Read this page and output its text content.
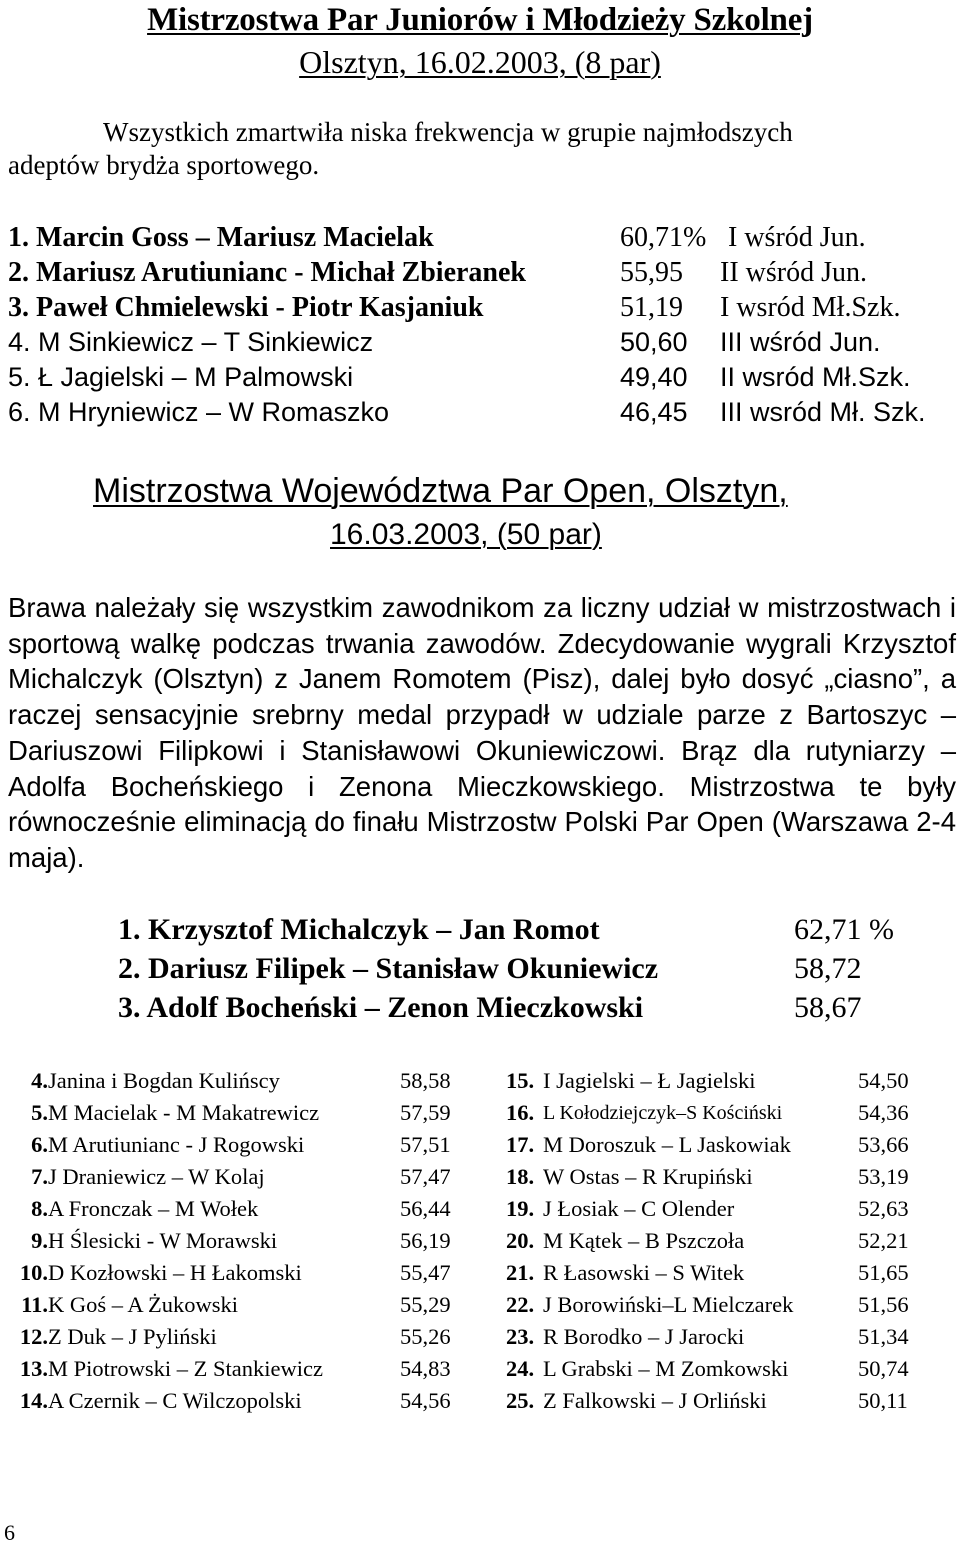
Mistrzostwa Par Juniorów i Młodzieży Szkolnej
Olsztyn, 16.02.2003, (8 par)
Wszystkich zmartwiła niska frekwencja w grupie najmłodszych
adeptów brydża sportowego.
1. Marcin Goss – Mariusz Macielak	60,71% I wśród Jun.
2. Mariusz Arutiunianc - Michał Zbieranek	55,95 II wśród Jun.
3. Paweł Chmielewski - Piotr Kasjaniuk	51,19 I wsród Mł.Szk.
4. M Sinkiewicz – T Sinkiewicz	50,60 III wśród Jun.
5. Ł Jagielski – M Palmowski	49,40 II wsród Mł.Szk.
6. M Hryniewicz – W Romaszko	46,45 III wsród Mł. Szk.
Mistrzostwa Województwa Par Open, Olsztyn,
16.03.2003, (50 par)
Brawa należały się wszystkim zawodnikom za liczny udział w mistrzostwach i sportową walkę podczas trwania zawodów. Zdecydowanie wygrali Krzysztof Michalczyk (Olsztyn) z Janem Romotem (Pisz), dalej było dosyć „ciasno”, a raczej sensacyjnie srebrny medal przypadł w udziale parze z Bartoszyc – Dariuszowi Filipkowi i Stanisławowi Okuniewiczowi. Brąz dla rutyniarzy – Adolfa Bocheńskiego i Zenona Mieczkowskiego. Mistrzostwa te były równocześnie eliminacją do finału Mistrzostw Polski Par Open (Warszawa 2-4 maja).
1. Krzysztof Michalczyk – Jan Romot	62,71 %
2. Dariusz Filipek – Stanisław Okuniewicz	58,72
3. Adolf Bocheński – Zenon Mieczkowski	58,67
4. Janina i Bogdan Kulińscy	58,58
5. M Macielak - M Makatrewicz	57,59
6. M Arutiunianc - J Rogowski	57,51
7. J Draniewicz – W Kolaj	57,47
8. A Fronczak – M Wołek	56,44
9. H Ślesicki - W Morawski	56,19
10. D Kozłowski – H Łakomski	55,47
11. K Goś – A Żukowski	55,29
12. Z Duk – J Pyliński	55,26
13. M Piotrowski – Z Stankiewicz	54,83
14. A Czernik – C Wilczopolski	54,56
15. I Jagielski – Ł Jagielski	54,50
16. L Kołodziejczyk–S Kościński	54,36
17. M Doroszuk – L Jaskowiak	53,66
18. W Ostas – R Krupiński	53,19
19. J Łosiak – C Olender	52,63
20. M Kątek – B Pszczoła	52,21
21. R Łasowski – S Witek	51,65
22. J Borowiński–L Mielczarek	51,56
23. R Borodko – J Jarocki	51,34
24. L Grabski – M Zomkowski	50,74
25. Z Falkowski – J Orliński	50,11
6
